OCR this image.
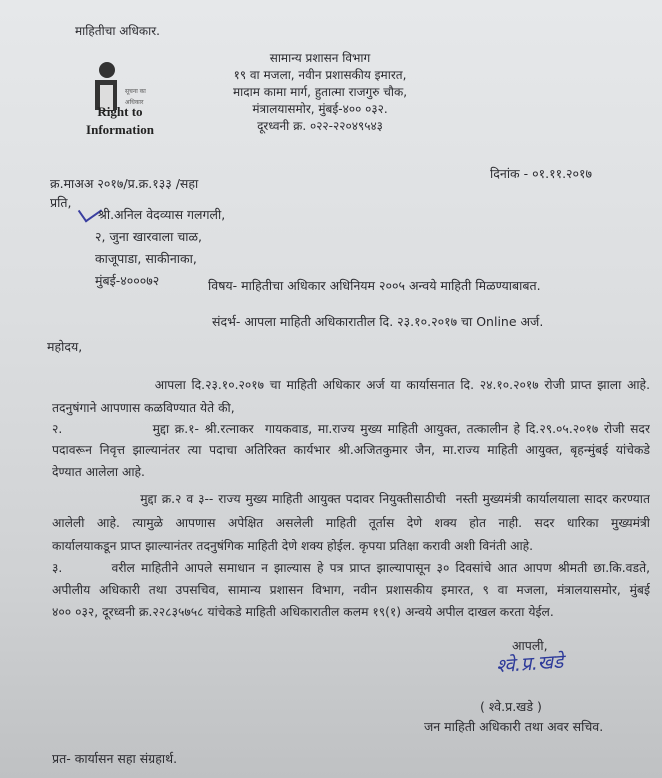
माहितीचा अधिकार.
सूचना का
अधिकार
Right to
Information
सामान्य प्रशासन विभाग
१९ वा मजला, नवीन प्रशासकीय इमारत,
मादाम कामा मार्ग, हुतात्मा राजगुरु चौक,
मंत्रालयासमोर, मुंबई-४०० ०३२.
दूरध्वनी क्र. ०२२-२२०४९५४३
दिनांक - ०१.११.२०१७
क्र.माअअ २०१७/प्र.क्र.१३३ /सहा
प्रति,
श्री.अनिल वेदव्यास गलगली,
२, जुना खारवाला चाळ,
काजूपाडा, साकीनाका,
मुंबई-४०००७२	विषय- माहितीचा अधिकार अधिनियम २००५ अन्वये माहिती मिळण्याबाबत.
संदर्भ- आपला माहिती अधिकारातील दि. २३.१०.२०१७ चा Online अर्ज.
महोदय,
आपला दि.२३.१०.२०१७ चा माहिती अधिकार अर्ज या कार्यासनात दि. २४.१०.२०१७ रोजी प्राप्त झाला आहे.
तदनुषंगाने आपणास कळविण्यात येते की,
२.                मुद्दा क्र.१- श्री.रत्नाकर  गायकवाड, मा.राज्य मुख्य माहिती आयुक्त, तत्कालीन हे दि.२९.०५.२०१७ रोजी सदर
पदावरून निवृत्त झाल्यानंतर त्या पदाचा अतिरिक्त कार्यभार श्री.अजितकुमार जैन, मा.राज्य माहिती आयुक्त, बृहन्मुंबई यांचेकडे
देण्यात आलेला आहे.
मुद्दा क्र.२ व ३-- राज्य मुख्य माहिती आयुक्त पदावर नियुक्तीसाठीची  नस्ती मुख्यमंत्री कार्यालयाला सादर करण्यात
आलेली आहे. त्यामुळे आपणास अपेक्षित असलेली माहिती तूर्तास देणे शक्य होत नाही. सदर धारिका मुख्यमंत्री
कार्यालयाकडून प्राप्त झाल्यानंतर तदनुषंगिक माहिती देणे शक्य होईल. कृपया प्रतिक्षा करावी अशी विनंती आहे.
३.        वरील माहितीने आपले समाधान न झाल्यास हे पत्र प्राप्त झाल्यापासून ३० दिवसांचे आत आपण श्रीमती छा.कि.वडते,
अपीलीय अधिकारी तथा उपसचिव, सामान्य प्रशासन विभाग, नवीन प्रशासकीय इमारत, ९ वा मजला, मंत्रालयासमोर, मुंबई
४०० ०३२, दूरध्वनी क्र.२२८३५७५८ यांचेकडे माहिती अधिकारातील कलम १९(१) अन्वये अपील दाखल करता येईल.
आपली,
श्वे.प्र.खडे
( श्वे.प्र.खडे )
जन माहिती अधिकारी तथा अवर सचिव.
प्रत- कार्यासन सहा संग्रहार्थ.
